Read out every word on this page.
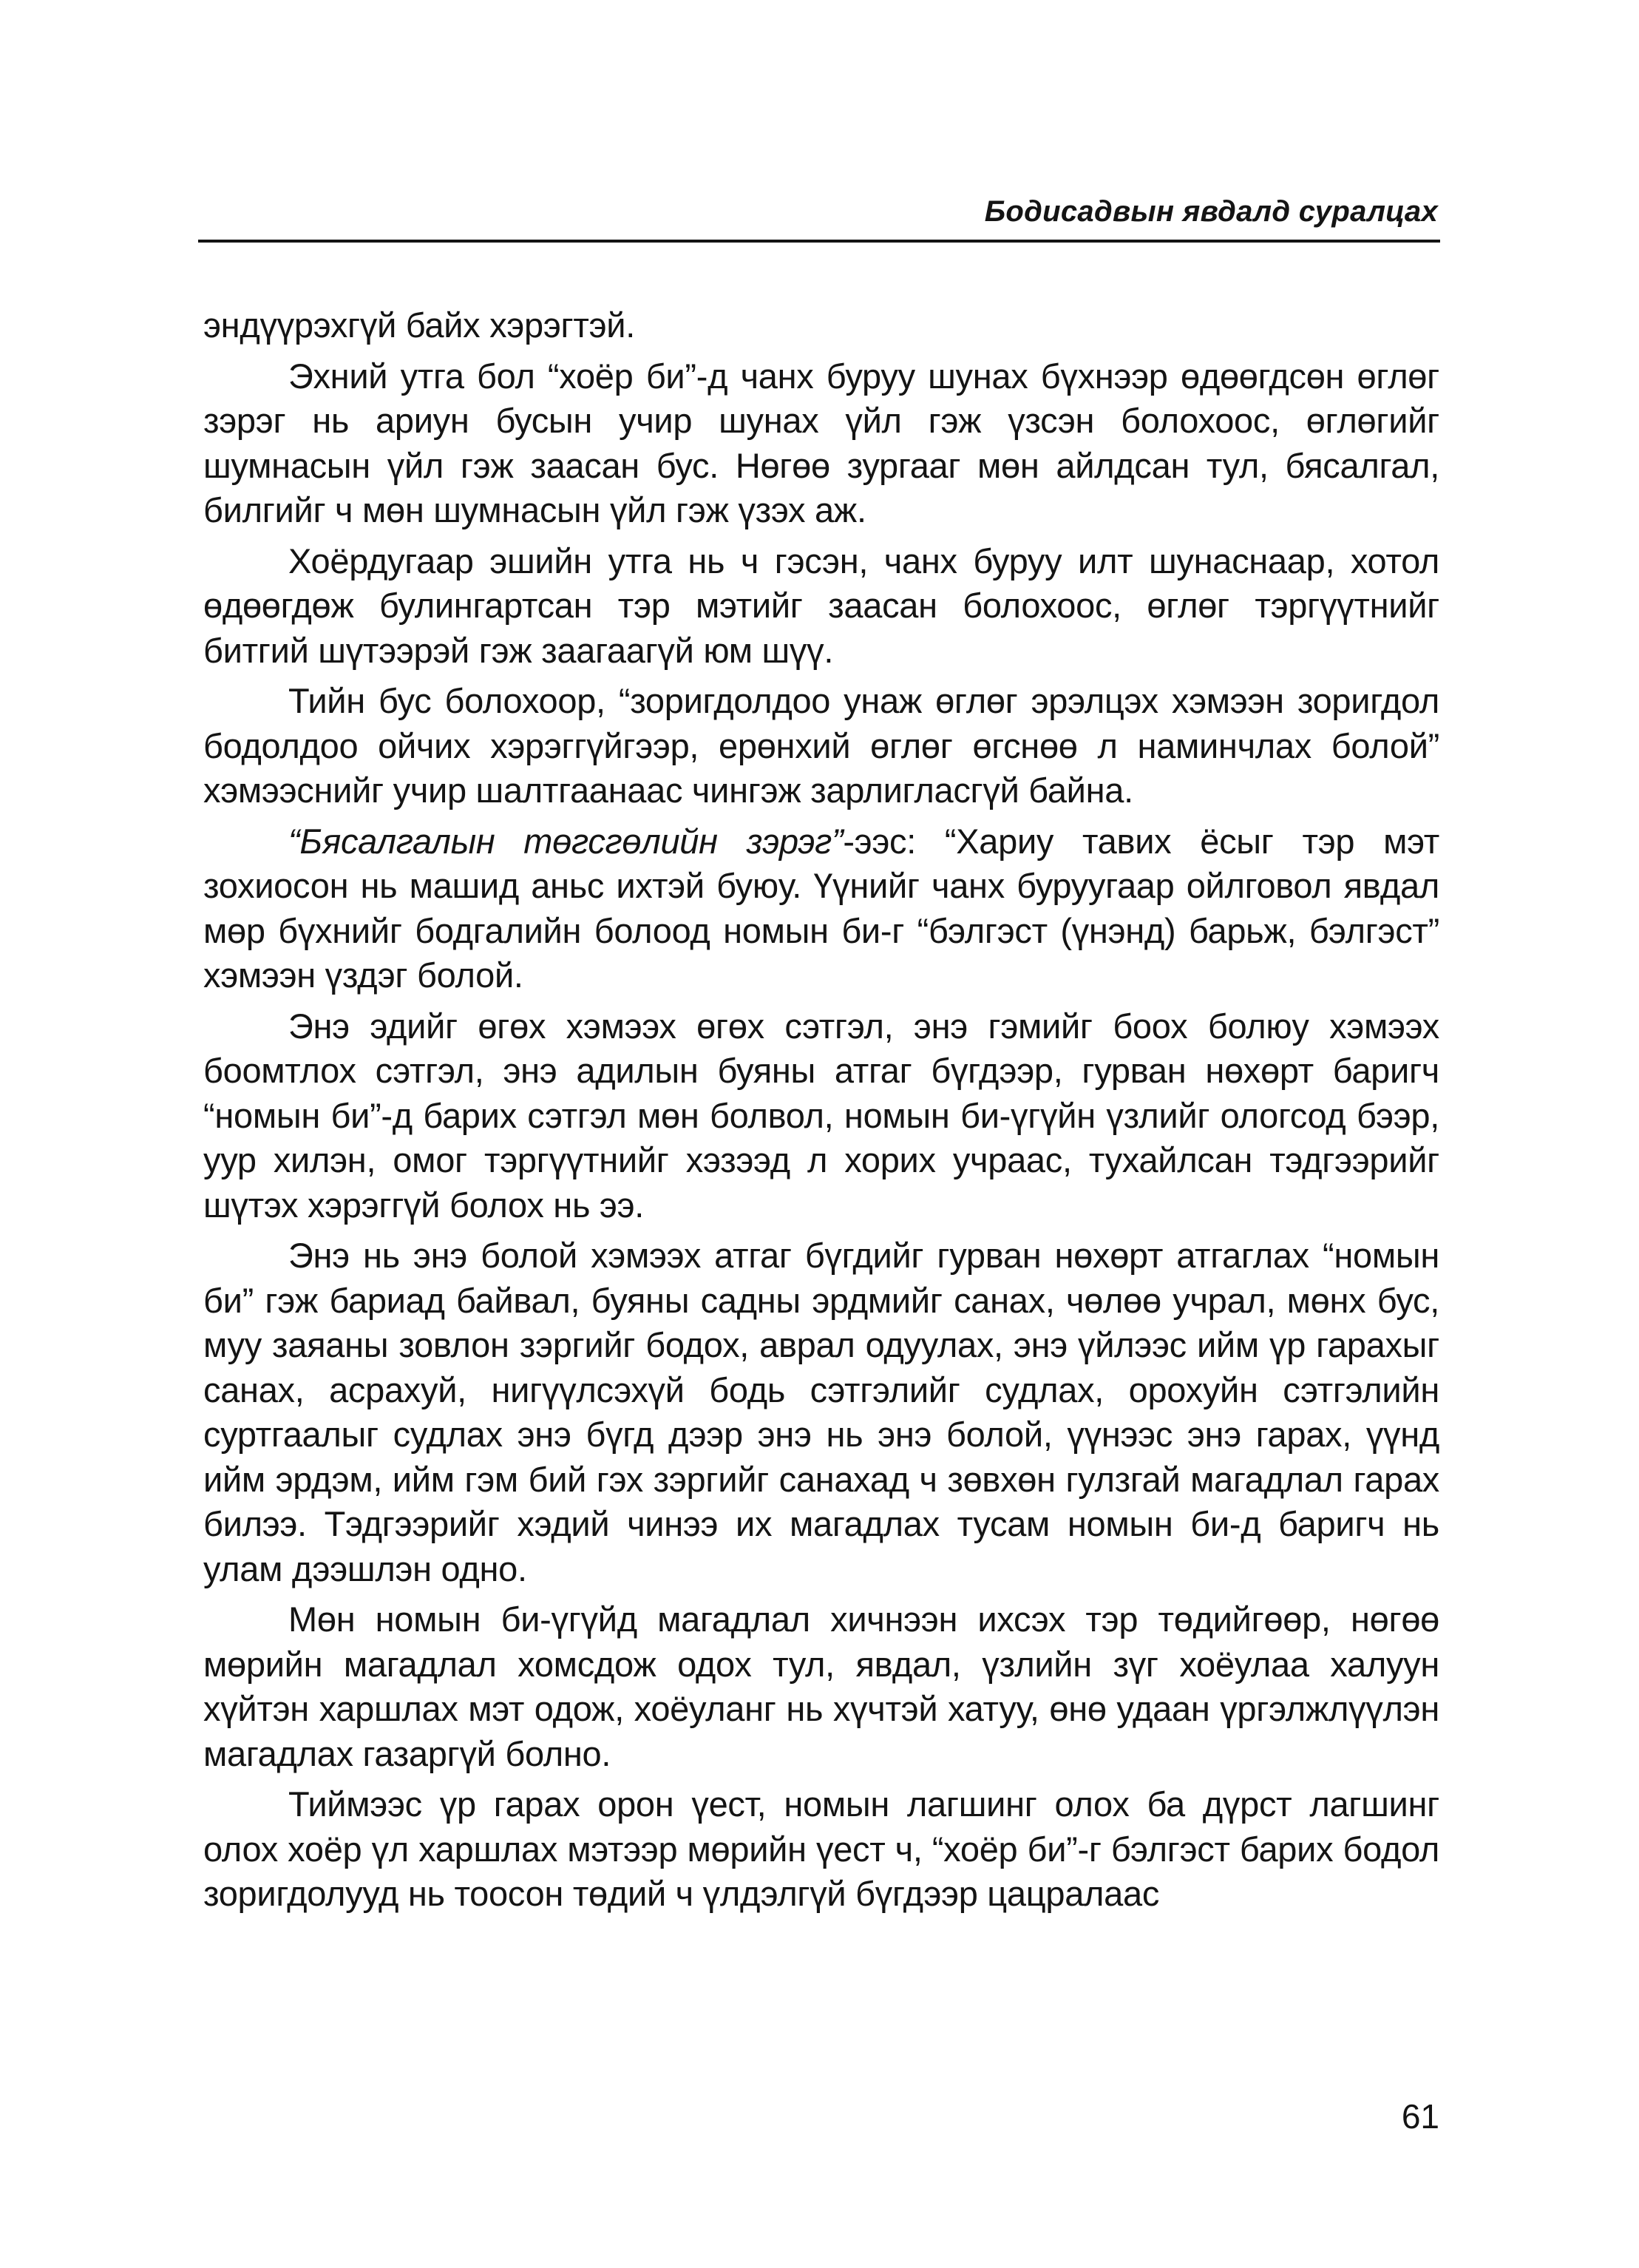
Бодисадвын явдалд суралцах

эндүүрэхгүй байх хэрэгтэй.

Эхний утга бол “хоёр би”-д чанх буруу шунах бүхнээр өдөөгдсөн өглөг зэрэг нь ариун бусын учир шунах үйл гэж үзсэн болохоос, өглөгийг шумнасын үйл гэж заасан бус. Нөгөө зургааг мөн айлдсан тул, бясалгал, билгийг ч мөн шумнасын үйл гэж үзэх аж.

Хоёрдугаар эшийн утга нь ч гэсэн, чанх буруу илт шунаснаар, хотол өдөөгдөж булингартсан тэр мэтийг заасан болохоос, өглөг тэргүүтнийг битгий шүтээрэй гэж заагаагүй юм шүү.

Тийн бус болохоор, “зоригдолдоо унаж өглөг эрэлцэх хэмээн зоригдол бодолдоо ойчих хэрэггүйгээр, ерөнхий өглөг өгснөө л наминчлах болой” хэмээснийг учир шалтгаанаас чингэж зарлигласгүй байна.

“Бясалгалын төгсгөлийн зэрэг”-ээс: “Хариу тавих ёсыг тэр мэт зохиосон нь машид аньс ихтэй буюу. Үүнийг чанх буруугаар ойлговол явдал мөр бүхнийг бодгалийн болоод номын би-г “бэлгэст (үнэнд) барьж, бэлгэст” хэмээн үздэг болой.

Энэ эдийг өгөх хэмээх өгөх сэтгэл, энэ гэмийг боох болюу хэмээх боомтлох сэтгэл, энэ адилын буяны атгаг бүгдээр, гурван нөхөрт баригч “номын би”-д барих сэтгэл мөн болвол, номын би-үгүйн үзлийг ологсод бээр, уур хилэн, омог тэргүүтнийг хэзээд л хорих учраас, тухайлсан тэдгээрийг шүтэх хэрэггүй болох нь ээ.

Энэ нь энэ болой хэмээх атгаг бүгдийг гурван нөхөрт атгаглах “номын би” гэж бариад байвал, буяны садны эрдмийг санах, чөлөө учрал, мөнх бус, муу заяаны зовлон зэргийг бодох, аврал одуулах, энэ үйлээс ийм үр гарахыг санах, асрахуй, нигүүлсэхүй бодь сэтгэлийг судлах, орохуйн сэтгэлийн суртгаалыг судлах энэ бүгд дээр энэ нь энэ болой, үүнээс энэ гарах, үүнд ийм эрдэм, ийм гэм бий гэх зэргийг санахад ч зөвхөн гулзгай магадлал гарах билээ. Тэдгээрийг хэдий чинээ их магадлах тусам номын би-д баригч нь улам дээшлэн одно.

Мөн номын би-үгүйд магадлал хичнээн ихсэх тэр төдийгөөр, нөгөө мөрийн магадлал хомсдож одох тул, явдал, үзлийн зүг хоёулаа халуун хүйтэн харшлах мэт одож, хоёуланг нь хүчтэй хатуу, өнө удаан үргэлжлүүлэн магадлах газаргүй болно.

Тиймээс үр гарах орон үест, номын лагшинг олох ба дүрст лагшинг олох хоёр үл харшлах мэтээр мөрийн үест ч, “хоёр би”-г бэлгэст барих бодол зоригдолууд нь тоосон төдий ч үлдэлгүй бүгдээр цацралаас

61
